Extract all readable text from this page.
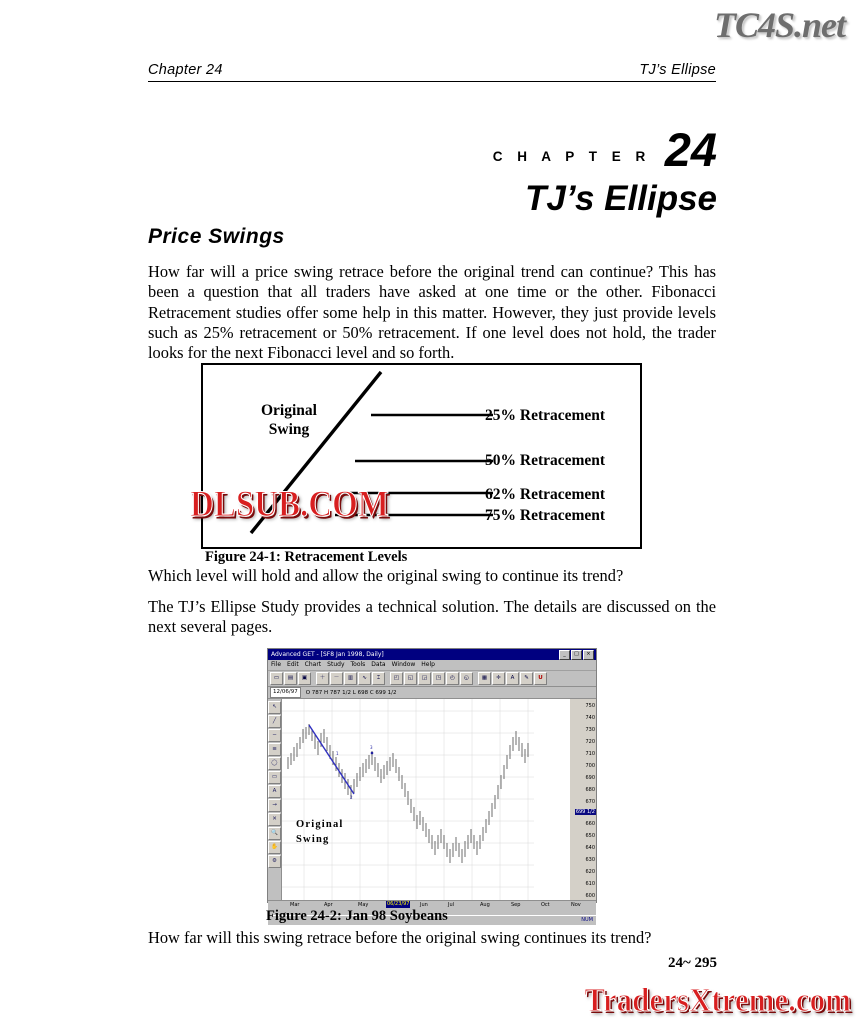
TC4S.net
Chapter 24	TJ’s Ellipse
C H A P T E R 24
TJ’s Ellipse
Price Swings
How far will a price swing retrace before the original trend can continue? This has been a question that all traders have asked at one time or the other. Fibonacci Retracement studies offer some help in this matter. However, they just provide levels such as 25% retracement or 50% retracement. If one level does not hold, the trader looks for the next Fibonacci level and so forth.
Original
Swing
25% Retracement
50% Retracement
62% Retracement
75% Retracement
Figure 24-1: Retracement Levels
Which level will hold and allow the original swing to continue its trend?
The TJ’s Ellipse Study provides a technical solution. The details are discussed on the next several pages.
Advanced GET - [SF8 Jan 1998, Daily]	_	□	×
File Edit Chart Study Tools Data Window Help
▭	▤	▣	＋	－	▥	∿	⌶	◰	◱	◲	◳	◴	◵	▦	✛	A	✎	U
12/06/97	O 787 H 787 1/2 L 698 C 699 1/2
↖
╱
─
≡
◯
▭
A
→
✕
🔍
✋
⚙
1
2
3
Original
Swing
750
740
730
720
710
700
690
680
670
699 1/2
660
650
640
630
620
610
600
Mar	Apr	May	06/23/97 Jun	Jul	Aug	Sep	Oct	Nov
NUM
Figure 24-2: Jan 98 Soybeans
How far will this swing retrace before the original swing continues its trend?
24~ 295
DLSUB.COM
TradersXtreme.com
